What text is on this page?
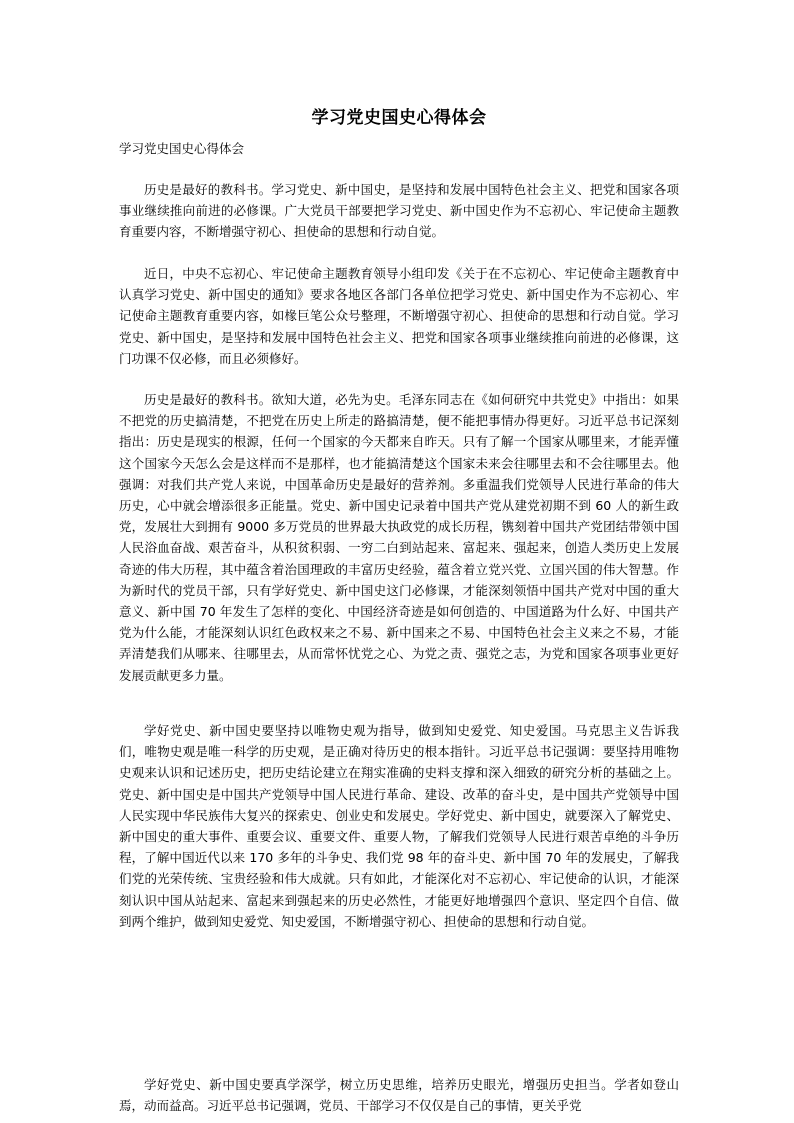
学习党史国史心得体会
学习党史国史心得体会

历史是最好的教科书。学习党史、新中国史，是坚持和发展中国特色社会主义、把党和国家各项事业继续推向前进的必修课。广大党员干部要把学习党史、新中国史作为不忘初心、牢记使命主题教育重要内容，不断增强守初心、担使命的思想和行动自觉。

近日，中央不忘初心、牢记使命主题教育领导小组印发《关于在不忘初心、牢记使命主题教育中认真学习党史、新中国史的通知》要求各地区各部门各单位把学习党史、新中国史作为不忘初心、牢记使命主题教育重要内容，如椽巨笔公众号整理，不断增强守初心、担使命的思想和行动自觉。学习党史、新中国史，是坚持和发展中国特色社会主义、把党和国家各项事业继续推向前进的必修课，这门功课不仅必修，而且必须修好。

历史是最好的教科书。欲知大道，必先为史。毛泽东同志在《如何研究中共党史》中指出：如果不把党的历史搞清楚，不把党在历史上所走的路搞清楚，便不能把事情办得更好。习近平总书记深刻指出：历史是现实的根源，任何一个国家的今天都来自昨天。只有了解一个国家从哪里来，才能弄懂这个国家今天怎么会是这样而不是那样，也才能搞清楚这个国家未来会往哪里去和不会往哪里去。他强调：对我们共产党人来说，中国革命历史是最好的营养剂。多重温我们党领导人民进行革命的伟大历史，心中就会增添很多正能量。党史、新中国史记录着中国共产党从建党初期不到 60 人的新生政党，发展壮大到拥有 9000 多万党员的世界最大执政党的成长历程，镌刻着中国共产党团结带领中国人民浴血奋战、艰苦奋斗，从积贫积弱、一穷二白到站起来、富起来、强起来，创造人类历史上发展奇迹的伟大历程，其中蕴含着治国理政的丰富历史经验，蕴含着立党兴党、立国兴国的伟大智慧。作为新时代的党员干部，只有学好党史、新中国史这门必修课，才能深刻领悟中国共产党对中国的重大意义、新中国 70 年发生了怎样的变化、中国经济奇迹是如何创造的、中国道路为什么好、中国共产党为什么能，才能深刻认识红色政权来之不易、新中国来之不易、中国特色社会主义来之不易，才能弄清楚我们从哪来、往哪里去，从而常怀忧党之心、为党之责、强党之志，为党和国家各项事业更好发展贡献更多力量。

学好党史、新中国史要坚持以唯物史观为指导，做到知史爱党、知史爱国。马克思主义告诉我们，唯物史观是唯一科学的历史观，是正确对待历史的根本指针。习近平总书记强调：要坚持用唯物史观来认识和记述历史，把历史结论建立在翔实准确的史料支撑和深入细致的研究分析的基础之上。党史、新中国史是中国共产党领导中国人民进行革命、建设、改革的奋斗史，是中国共产党领导中国人民实现中华民族伟大复兴的探索史、创业史和发展史。学好党史、新中国史，就要深入了解党史、新中国史的重大事件、重要会议、重要文件、重要人物，了解我们党领导人民进行艰苦卓绝的斗争历程，了解中国近代以来 170 多年的斗争史、我们党 98 年的奋斗史、新中国 70 年的发展史，了解我们党的光荣传统、宝贵经验和伟大成就。只有如此，才能深化对不忘初心、牢记使命的认识，才能深刻认识中国从站起来、富起来到强起来的历史必然性，才能更好地增强四个意识、坚定四个自信、做到两个维护，做到知史爱党、知史爱国，不断增强守初心、担使命的思想和行动自觉。

学好党史、新中国史要真学深学，树立历史思维，培养历史眼光，增强历史担当。学者如登山焉，动而益高。习近平总书记强调，党员、干部学习不仅仅是自己的事情，更关乎党
